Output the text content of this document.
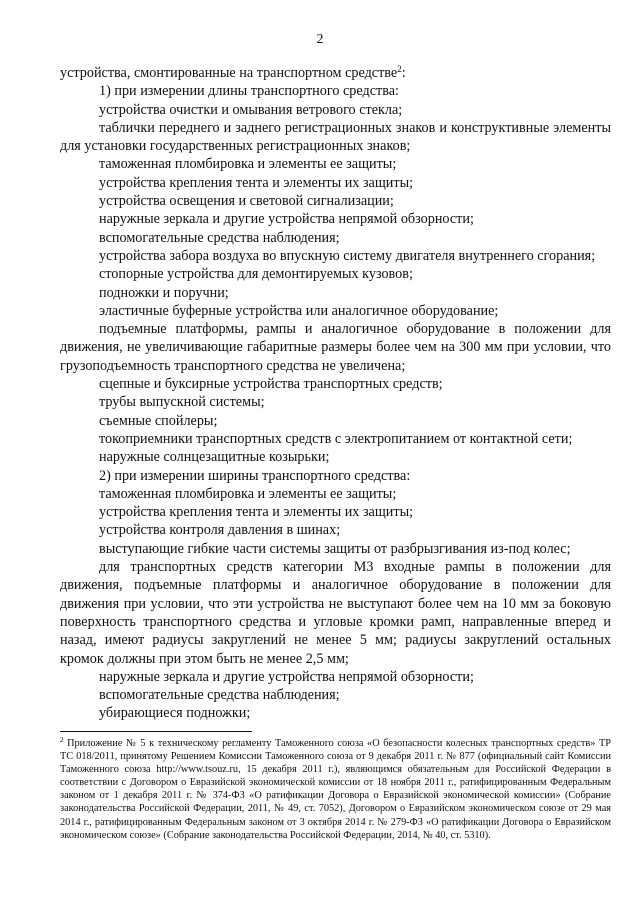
2

устройства, смонтированные на транспортном средстве$^2$:

1) при измерении длины транспортного средства:

устройства очистки и омывания ветрового стекла;

таблички переднего и заднего регистрационных знаков и конструктивные элементы для установки государственных регистрационных знаков;

таможенная пломбировка и элементы ее защиты;

устройства крепления тента и элементы их защиты;

устройства освещения и световой сигнализации;

наружные зеркала и другие устройства непрямой обзорности;

вспомогательные средства наблюдения;

устройства забора воздуха во впускную систему двигателя внутреннего сгорания;

стопорные устройства для демонтируемых кузовов;

подножки и поручни;

эластичные буферные устройства или аналогичное оборудование;

подъемные платформы, рампы и аналогичное оборудование в положении для движения, не увеличивающие габаритные размеры более чем на 300 мм при условии, что грузоподъемность транспортного средства не увеличена;

сцепные и буксирные устройства транспортных средств;

трубы выпускной системы;

съемные спойлеры;

токоприемники транспортных средств с электропитанием от контактной сети;

наружные солнцезащитные козырьки;

2) при измерении ширины транспортного средства:

таможенная пломбировка и элементы ее защиты;

устройства крепления тента и элементы их защиты;

устройства контроля давления в шинах;

выступающие гибкие части системы защиты от разбрызгивания из-под колес;

для транспортных средств категории М3 входные рампы в положении для движения, подъемные платформы и аналогичное оборудование в положении для движения при условии, что эти устройства не выступают более чем на 10 мм за боковую поверхность транспортного средства и угловые кромки рамп, направленные вперед и назад, имеют радиусы закруглений не менее 5 мм; радиусы закруглений остальных кромок должны при этом быть не менее 2,5 мм;

наружные зеркала и другие устройства непрямой обзорности;

вспомогательные средства наблюдения;

убирающиеся подножки;

$^2$ Приложение № 5 к техническому регламенту Таможенного союза «О безопасности колесных транспортных средств» ТР ТС 018/2011, принятому Решением Комиссии Таможенного союза от 9 декабря 2011 г. № 877 (официальный сайт Комиссии Таможенного союза http://www.tsouz.ru, 15 декабря 2011 г.), являющимся обязательным для Российской Федерации в соответствии с Договором о Евразийской экономической комиссии от 18 ноября 2011 г., ратифицированным Федеральным законом от 1 декабря 2011 г. № 374-ФЗ «О ратификации Договора о Евразийской экономической комиссии» (Собрание законодательства Российской Федерации, 2011, № 49, ст. 7052), Договором о Евразийском экономическом союзе от 29 мая 2014 г., ратифицированным Федеральным законом от 3 октября 2014 г. № 279-ФЗ «О ратификации Договора о Евразийском экономическом союзе» (Собрание законодательства Российской Федерации, 2014, № 40, ст. 5310).
